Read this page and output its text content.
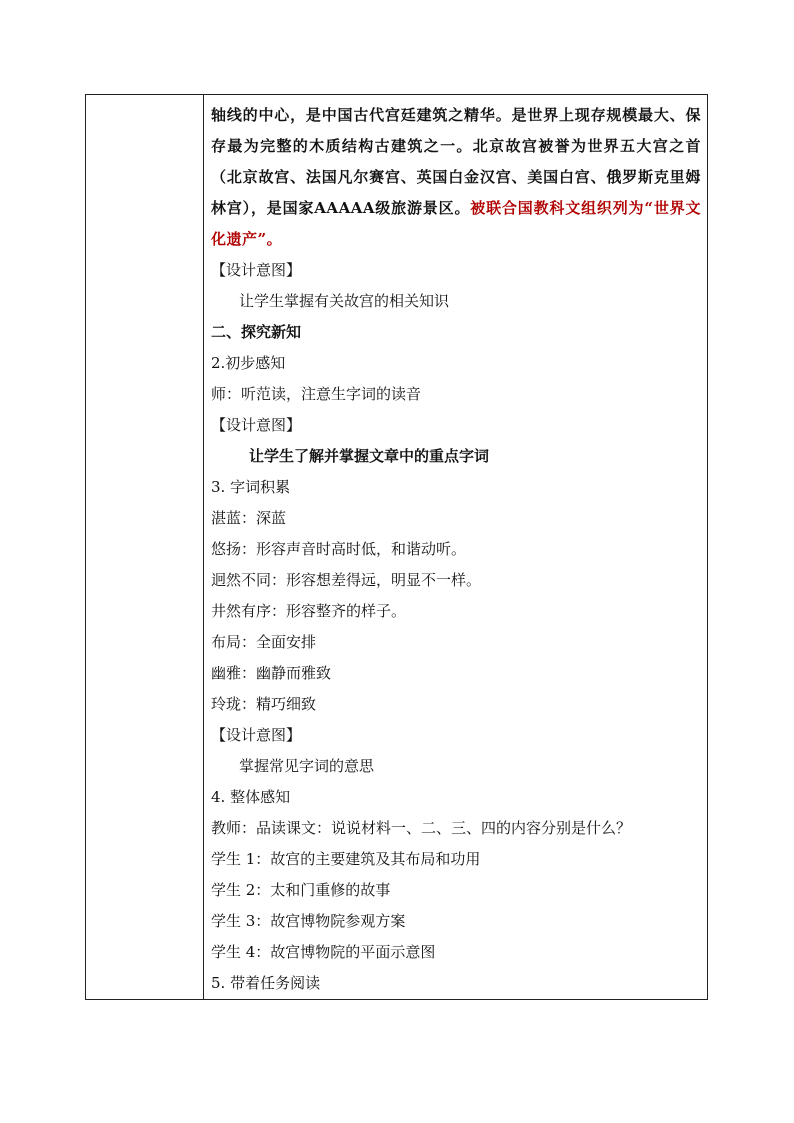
轴线的中心，是中国古代宫廷建筑之精华。是世界上现存规模最大、保存最为完整的木质结构古建筑之一。北京故宫被誉为世界五大宫之首（北京故宫、法国凡尔赛宫、英国白金汉宫、美国白宫、俄罗斯克里姆林宫），是国家AAAAA级旅游景区。被联合国教科文组织列为“世界文化遗产”。

【设计意图】

让学生掌握有关故宫的相关知识

二、探究新知

2.初步感知

师：听范读，注意生字词的读音

【设计意图】

让学生了解并掌握文章中的重点字词

3. 字词积累

湛蓝：深蓝

悠扬：形容声音时高时低，和谐动听。

迥然不同：形容想差得远，明显不一样。

井然有序：形容整齐的样子。

布局：全面安排

幽雅：幽静而雅致

玲珑：精巧细致

【设计意图】

掌握常见字词的意思

4. 整体感知

教师：品读课文：说说材料一、二、三、四的内容分别是什么？

学生 1：故宫的主要建筑及其布局和功用

学生 2：太和门重修的故事

学生 3：故宫博物院参观方案

学生 4：故宫博物院的平面示意图

5. 带着任务阅读
